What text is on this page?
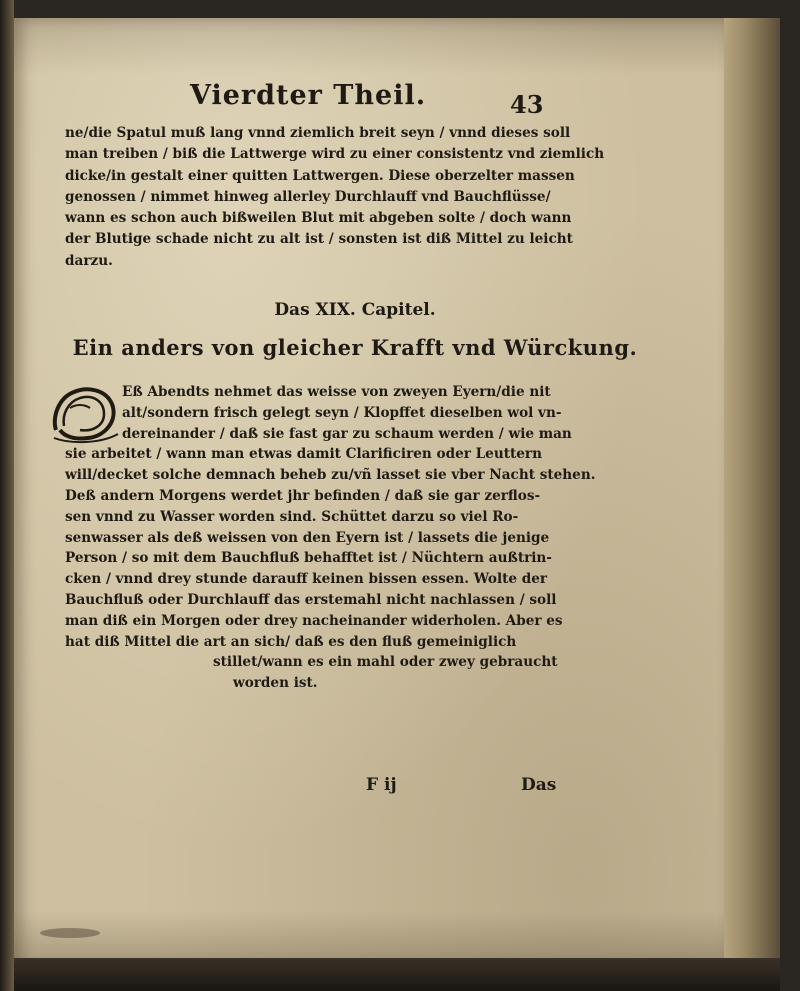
Vierdter Theil.	43
ne/die Spatul muß lang vnnd ziemlich breit seyn / vnnd dieses soll
man treiben / biß die Lattwerge wird zu einer consistentz vnd ziemlich
dicke/in gestalt einer quitten Lattwergen. Diese oberzelter massen
genossen / nimmet hinweg allerley Durchlauff vnd Bauchflüsse/
wann es schon auch bißweilen Blut mit abgeben solte / doch wann
der Blutige schade nicht zu alt ist / sonsten ist diß Mittel zu leicht
darzu.
Das XIX. Capitel.
Ein anders von gleicher Krafft vnd Würckung.
Eß Abendts nehmet das weisse von zweyen Eyern/die nit
alt/sondern frisch gelegt seyn / Klopffet dieselben wol vn-
dereinander / daß sie fast gar zu schaum werden / wie man
sie arbeitet / wann man etwas damit Clarificiren oder Leuttern
will/decket solche demnach beheb zu/vñ lasset sie vber Nacht stehen.
Deß andern Morgens werdet jhr befinden / daß sie gar zerflos-
sen vnnd zu Wasser worden sind. Schüttet darzu so viel Ro-
senwasser als deß weissen von den Eyern ist / lassets die jenige
Person / so mit dem Bauchfluß behafftet ist / Nüchtern außtrin-
cken / vnnd drey stunde darauff keinen bissen essen. Wolte der
Bauchfluß oder Durchlauff das erstemahl nicht nachlassen / soll
man diß ein Morgen oder drey nacheinander widerholen. Aber es
hat diß Mittel die art an sich/ daß es den fluß gemeiniglich
stillet/wann es ein mahl oder zwey gebraucht
worden ist.
F ij	Das
